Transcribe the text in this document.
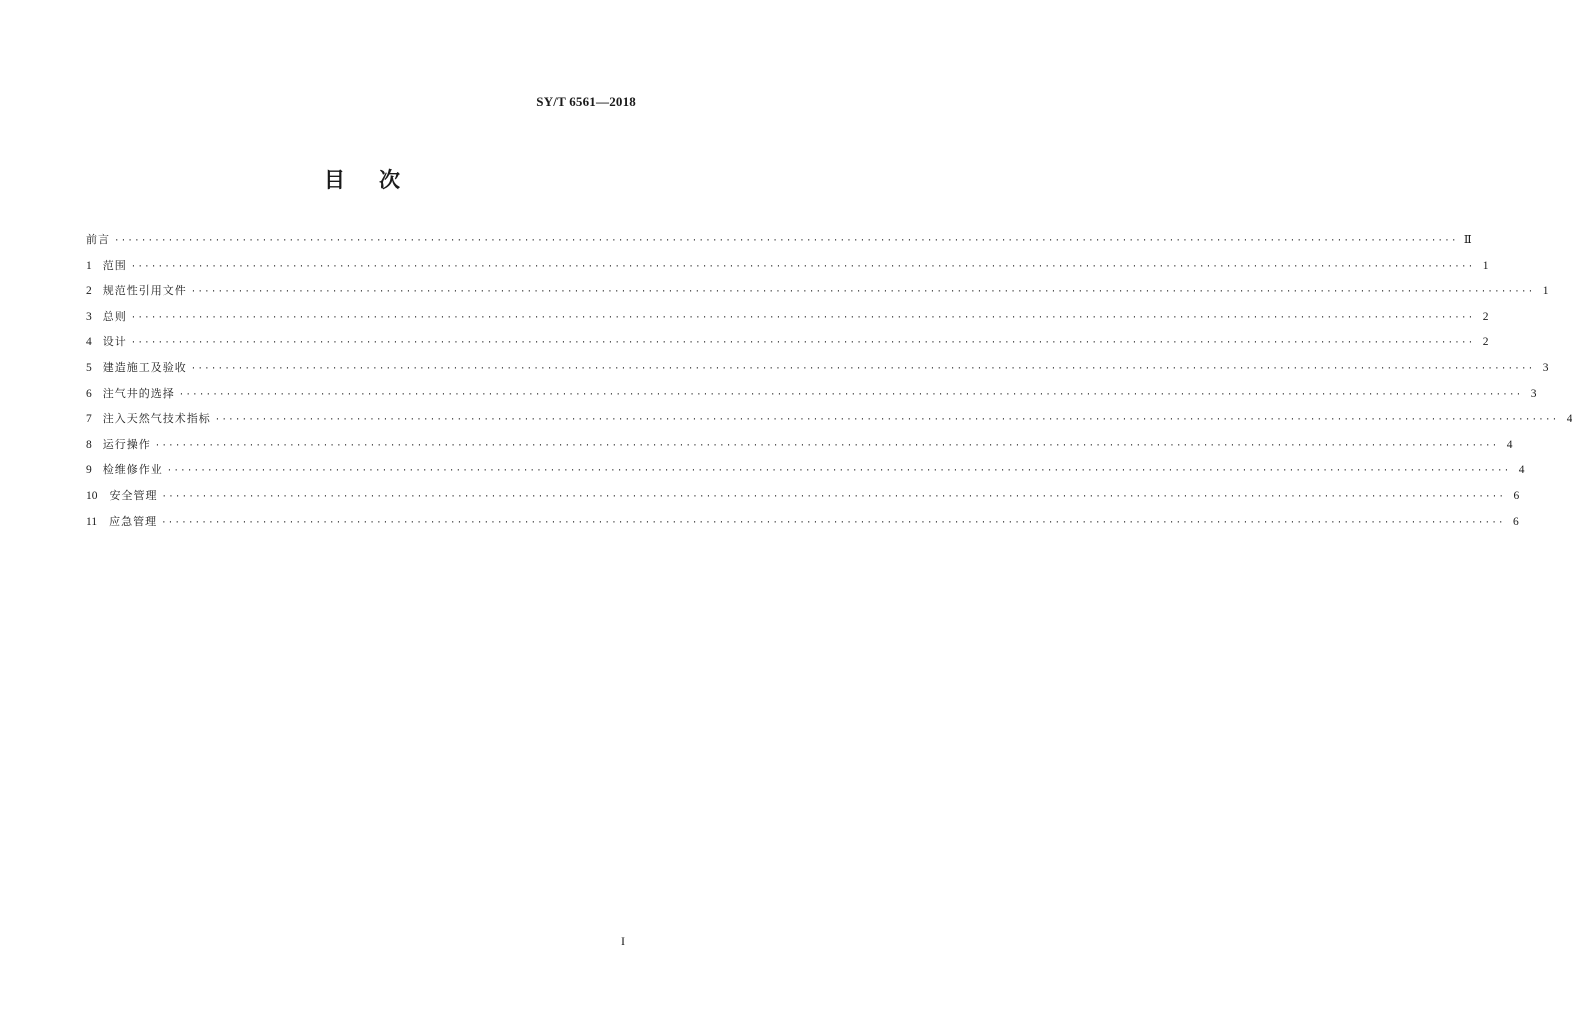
SY/T 6561—2018
目次
前言 ········································································································································································································ Ⅱ
1 范围 ········································································································································································································ 1
2 规范性引用文件 ········································································································································································································ 1
3 总则 ········································································································································································································ 2
4 设计 ········································································································································································································ 2
5 建造施工及验收 ········································································································································································································ 3
6 注气井的选择 ········································································································································································································ 3
7 注入天然气技术指标 ········································································································································································································ 4
8 运行操作 ········································································································································································································ 4
9 检维修作业 ········································································································································································································ 4
10 安全管理 ········································································································································································································ 6
11 应急管理 ········································································································································································································ 6
I
